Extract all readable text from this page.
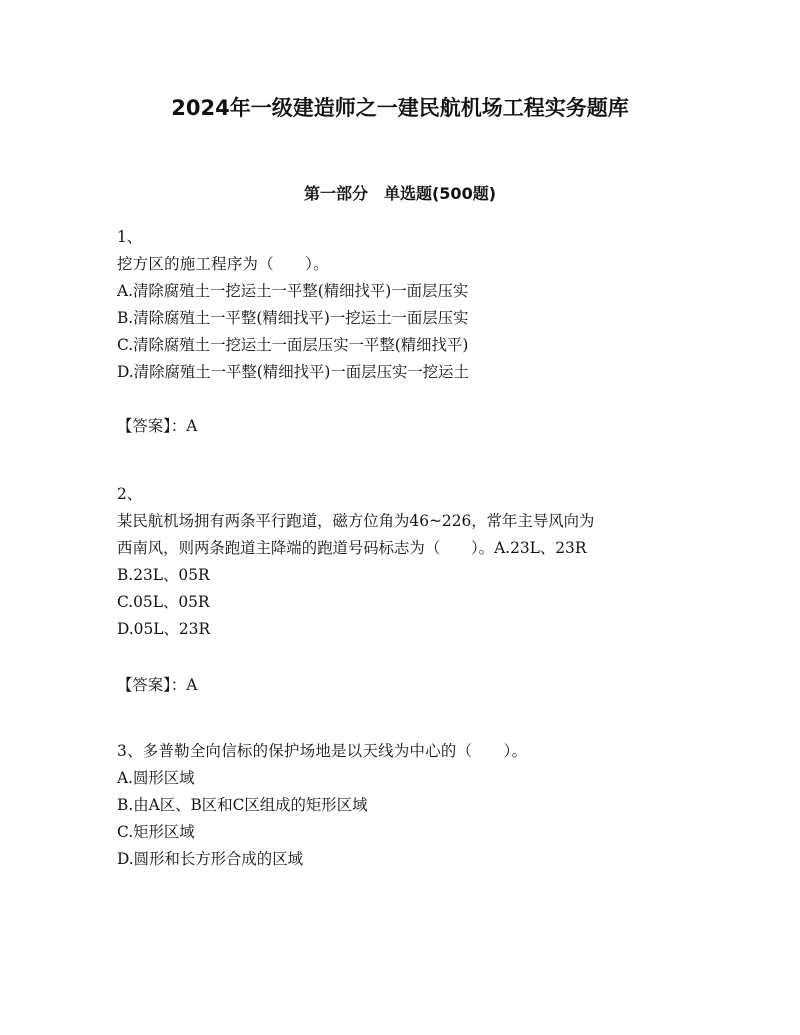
2024年一级建造师之一建民航机场工程实务题库
第一部分　单选题(500题)
1、
挖方区的施工程序为（　　）。
A.清除腐殖土一挖运土一平整(精细找平)一面层压实
B.清除腐殖土一平整(精细找平)一挖运土一面层压实
C.清除腐殖土一挖运土一面层压实一平整(精细找平)
D.清除腐殖土一平整(精细找平)一面层压实一挖运土
【答案】：A
2、
某民航机场拥有两条平行跑道，磁方位角为46~226，常年主导风向为
西南风，则两条跑道主降端的跑道号码标志为（　　）。A.23L、23R
B.23L、05R
C.05L、05R
D.05L、23R
【答案】：A
3、多普勒全向信标的保护场地是以天线为中心的（　　）。
A.圆形区域
B.由A区、B区和C区组成的矩形区域
C.矩形区域
D.圆形和长方形合成的区域
